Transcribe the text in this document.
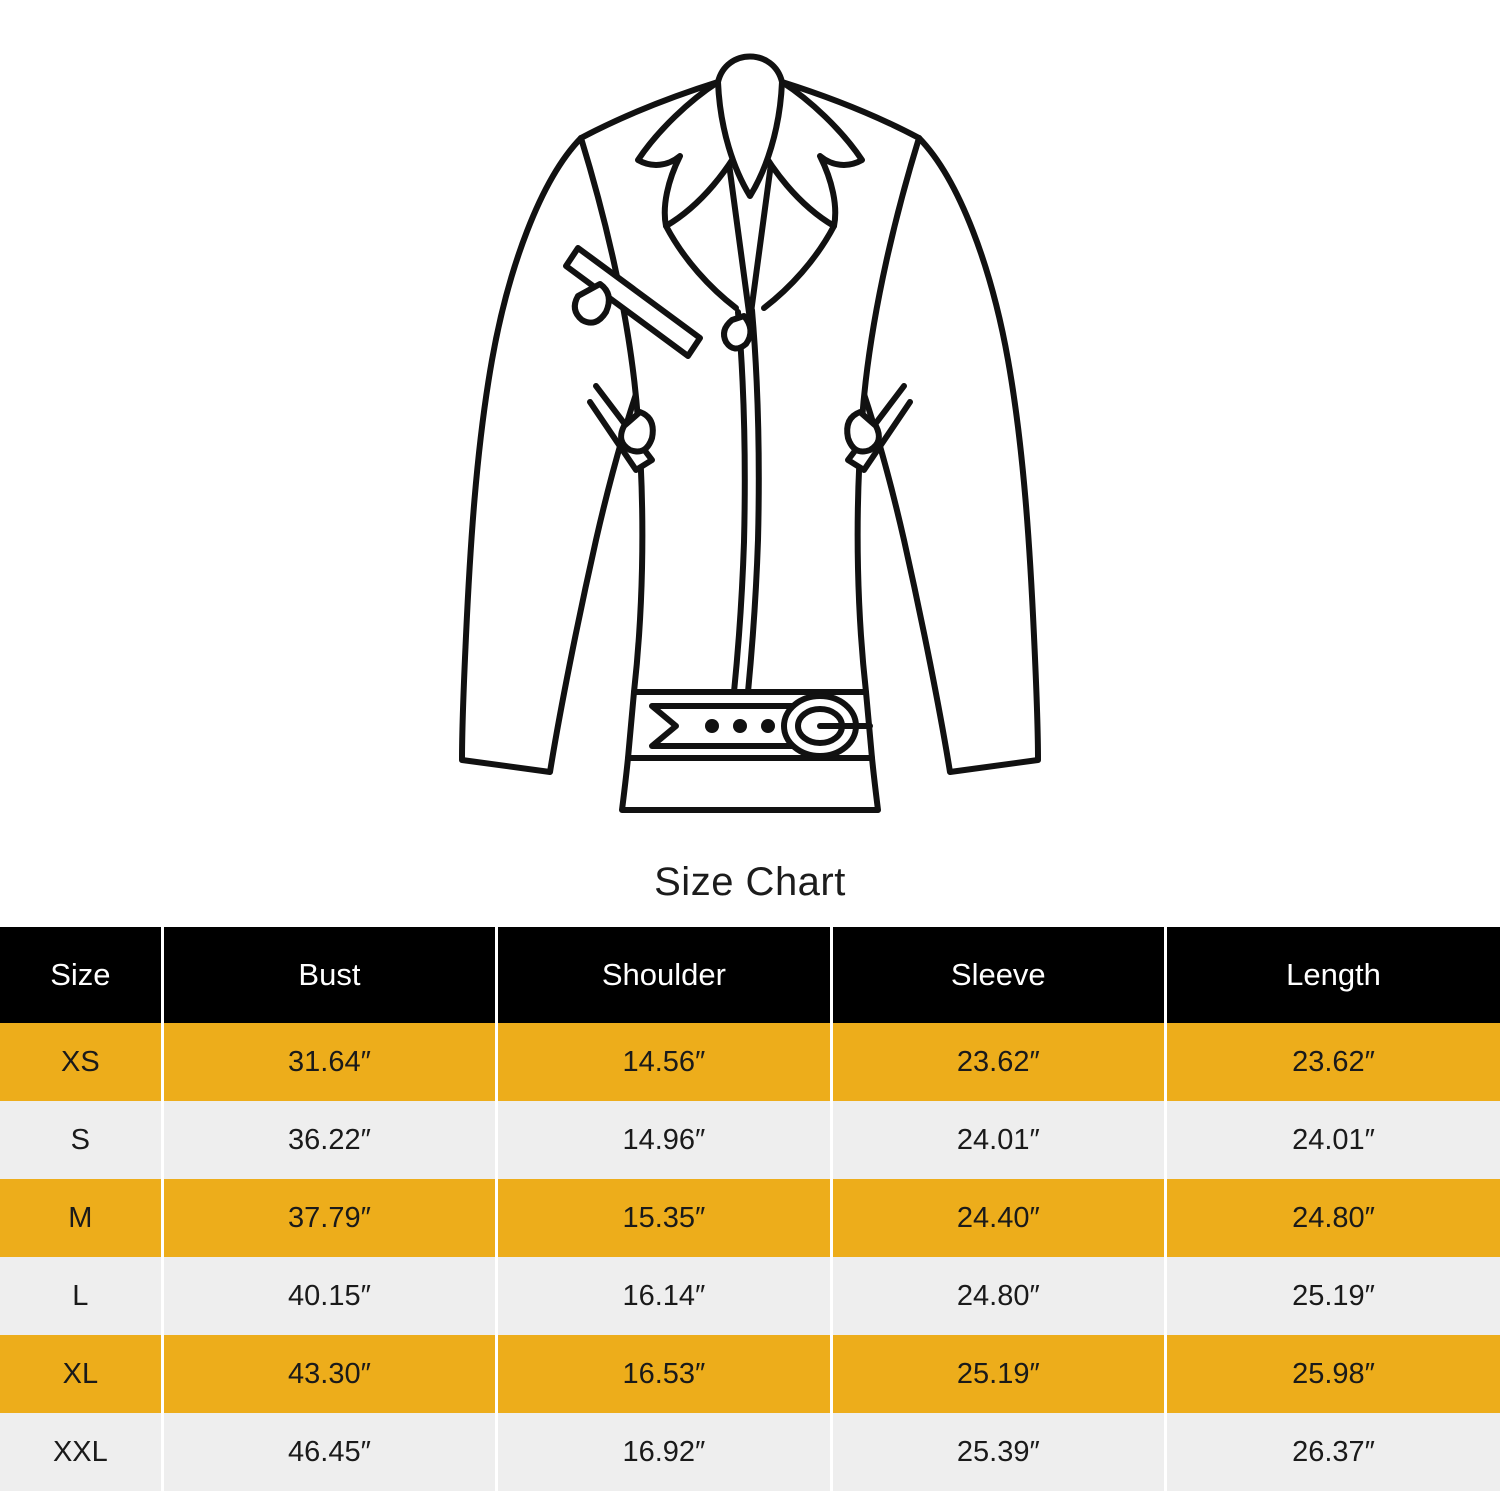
Size Chart
Size	Bust	Shoulder	Sleeve	Length
XS	31.64″	14.56″	23.62″	23.62″
S	36.22″	14.96″	24.01″	24.01″
M	37.79″	15.35″	24.40″	24.80″
L	40.15″	16.14″	24.80″	25.19″
XL	43.30″	16.53″	25.19″	25.98″
XXL	46.45″	16.92″	25.39″	26.37″
